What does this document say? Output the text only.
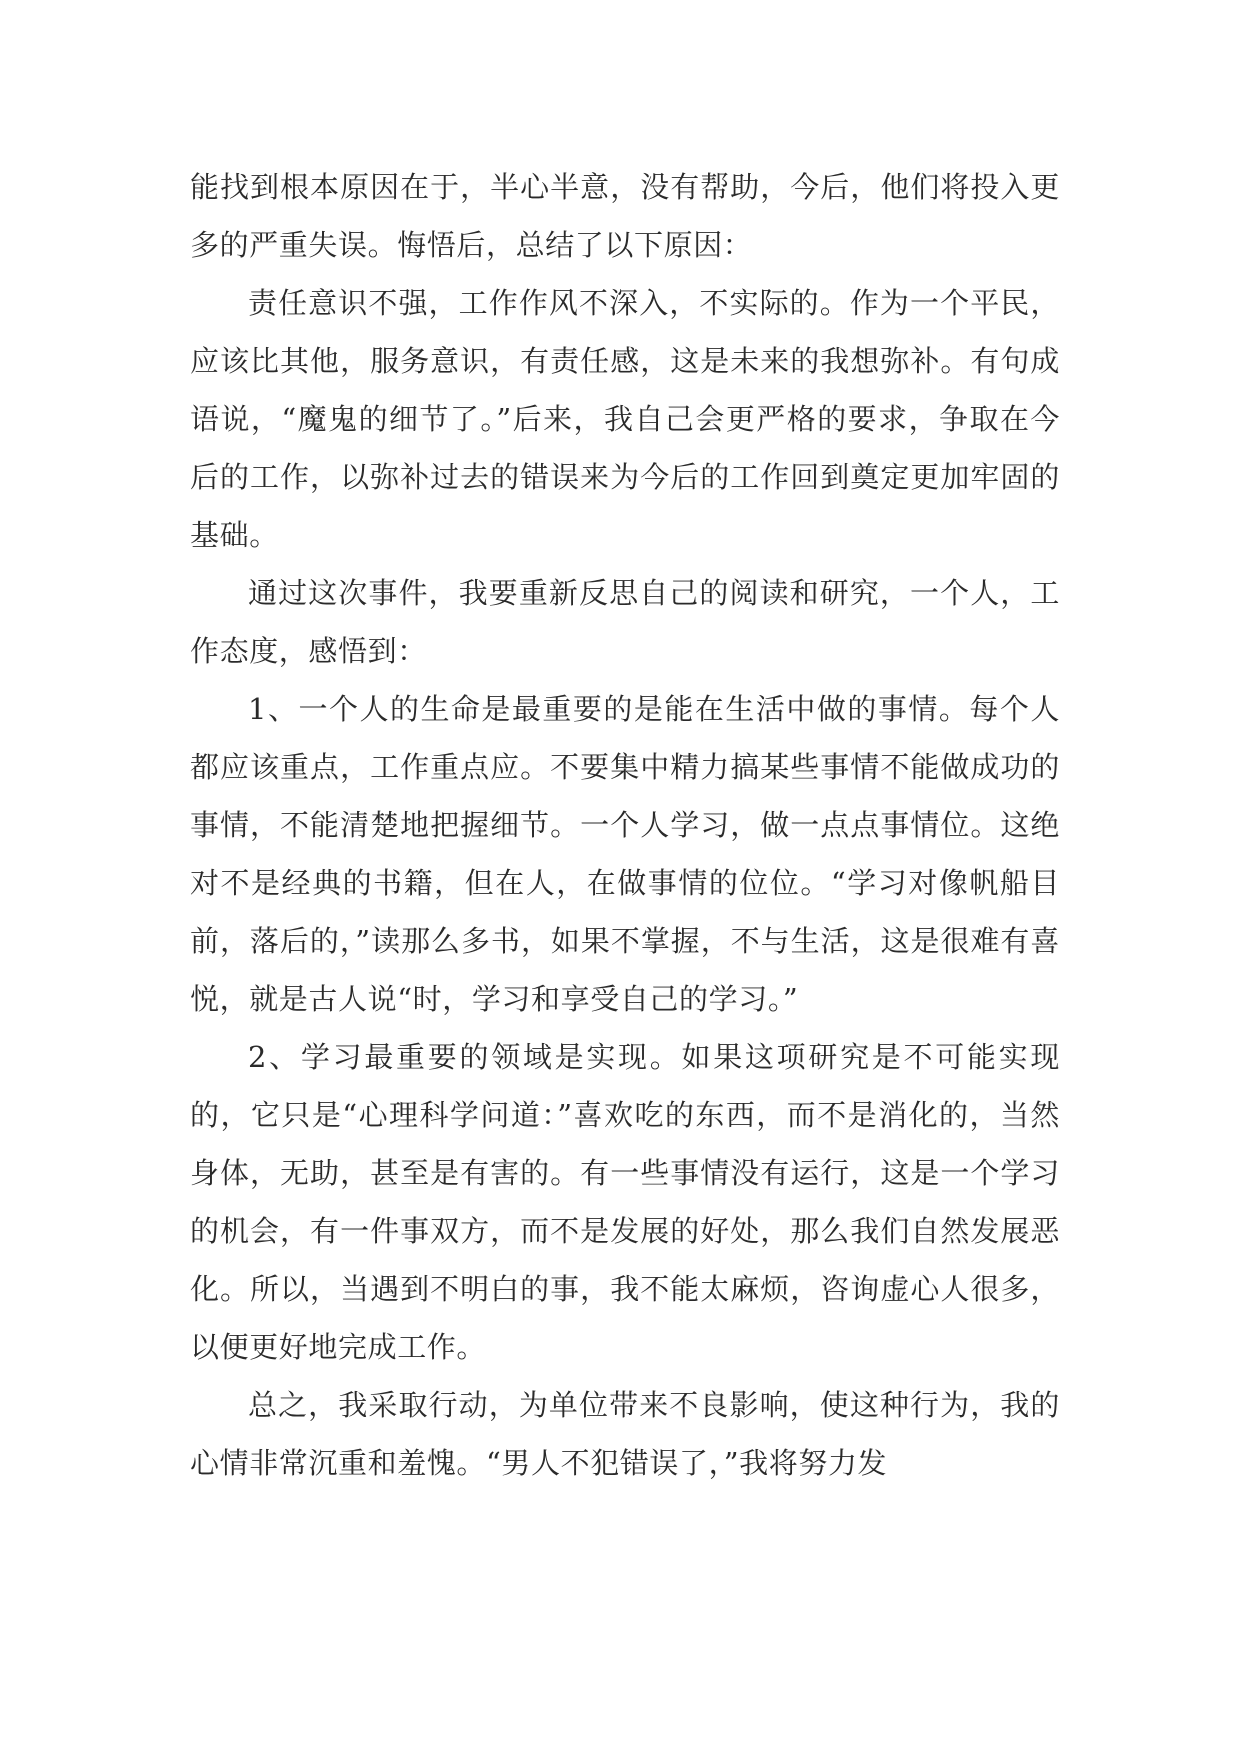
能找到根本原因在于，半心半意，没有帮助，今后，他们将投入更多的严重失误。悔悟后，总结了以下原因：

责任意识不强，工作作风不深入，不实际的。作为一个平民，应该比其他，服务意识，有责任感，这是未来的我想弥补。有句成语说，“魔鬼的细节了。”后来，我自己会更严格的要求，争取在今后的工作，以弥补过去的错误来为今后的工作回到奠定更加牢固的基础。

通过这次事件，我要重新反思自己的阅读和研究，一个人，工作态度，感悟到：

1、一个人的生命是最重要的是能在生活中做的事情。每个人都应该重点，工作重点应。不要集中精力搞某些事情不能做成功的事情，不能清楚地把握细节。一个人学习，做一点点事情位。这绝对不是经典的书籍，但在人，在做事情的位位。“学习对像帆船目前，落后的，”读那么多书，如果不掌握，不与生活，这是很难有喜悦，就是古人说“时，学习和享受自己的学习。”

2、学习最重要的领域是实现。如果这项研究是不可能实现的，它只是“心理科学问道：”喜欢吃的东西，而不是消化的，当然身体，无助，甚至是有害的。有一些事情没有运行，这是一个学习的机会，有一件事双方，而不是发展的好处，那么我们自然发展恶化。所以，当遇到不明白的事，我不能太麻烦，咨询虚心人很多，以便更好地完成工作。

总之，我采取行动，为单位带来不良影响，使这种行为，我的心情非常沉重和羞愧。“男人不犯错误了，”我将努力发
